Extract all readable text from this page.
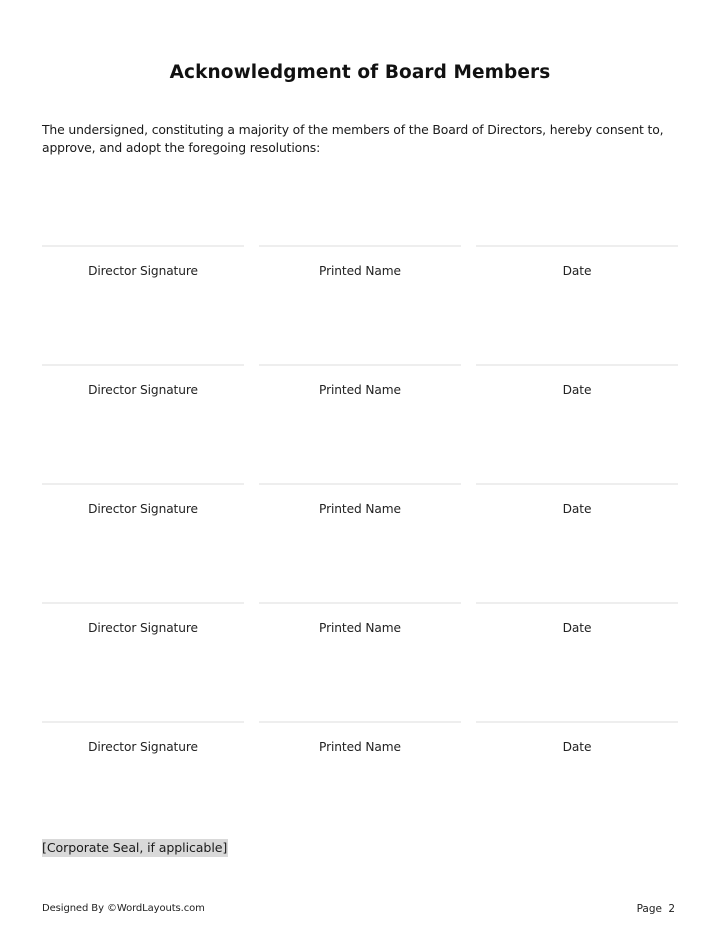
Acknowledgment of Board Members
The undersigned, constituting a majority of the members of the Board of Directors, hereby consent to, approve, and adopt the foregoing resolutions:
Director Signature	Printed Name	Date
Director Signature	Printed Name	Date
Director Signature	Printed Name	Date
Director Signature	Printed Name	Date
Director Signature	Printed Name	Date
[Corporate Seal, if applicable]
Designed By ©WordLayouts.com	Page 2
